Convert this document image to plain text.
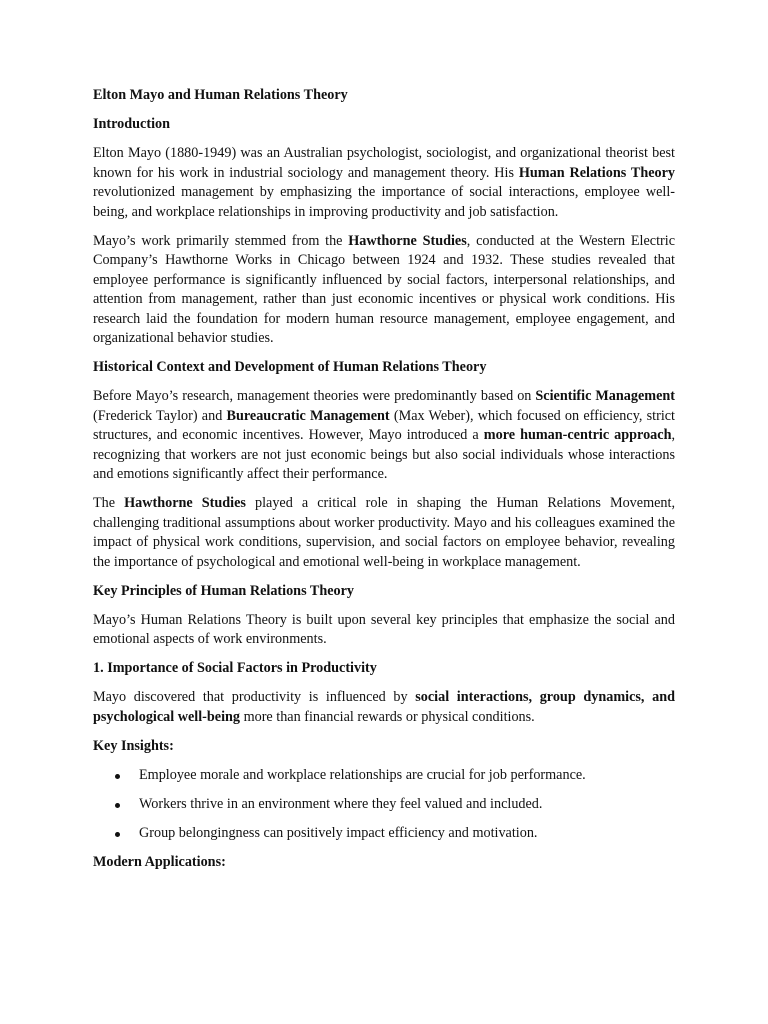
Elton Mayo and Human Relations Theory
Introduction

Elton Mayo (1880-1949) was an Australian psychologist, sociologist, and organizational theorist best known for his work in industrial sociology and management theory. His Human Relations Theory revolutionized management by emphasizing the importance of social interactions, employee well-being, and workplace relationships in improving productivity and job satisfaction.

Mayo’s work primarily stemmed from the Hawthorne Studies, conducted at the Western Electric Company’s Hawthorne Works in Chicago between 1924 and 1932. These studies revealed that employee performance is significantly influenced by social factors, interpersonal relationships, and attention from management, rather than just economic incentives or physical work conditions. His research laid the foundation for modern human resource management, employee engagement, and organizational behavior studies.

Historical Context and Development of Human Relations Theory

Before Mayo’s research, management theories were predominantly based on Scientific Management (Frederick Taylor) and Bureaucratic Management (Max Weber), which focused on efficiency, strict structures, and economic incentives. However, Mayo introduced a more human-centric approach, recognizing that workers are not just economic beings but also social individuals whose interactions and emotions significantly affect their performance.

The Hawthorne Studies played a critical role in shaping the Human Relations Movement, challenging traditional assumptions about worker productivity. Mayo and his colleagues examined the impact of physical work conditions, supervision, and social factors on employee behavior, revealing the importance of psychological and emotional well-being in workplace management.

Key Principles of Human Relations Theory

Mayo’s Human Relations Theory is built upon several key principles that emphasize the social and emotional aspects of work environments.

1. Importance of Social Factors in Productivity

Mayo discovered that productivity is influenced by social interactions, group dynamics, and psychological well-being more than financial rewards or physical conditions.

Key Insights:
Employee morale and workplace relationships are crucial for job performance.
Workers thrive in an environment where they feel valued and included.
Group belongingness can positively impact efficiency and motivation.
Modern Applications:
